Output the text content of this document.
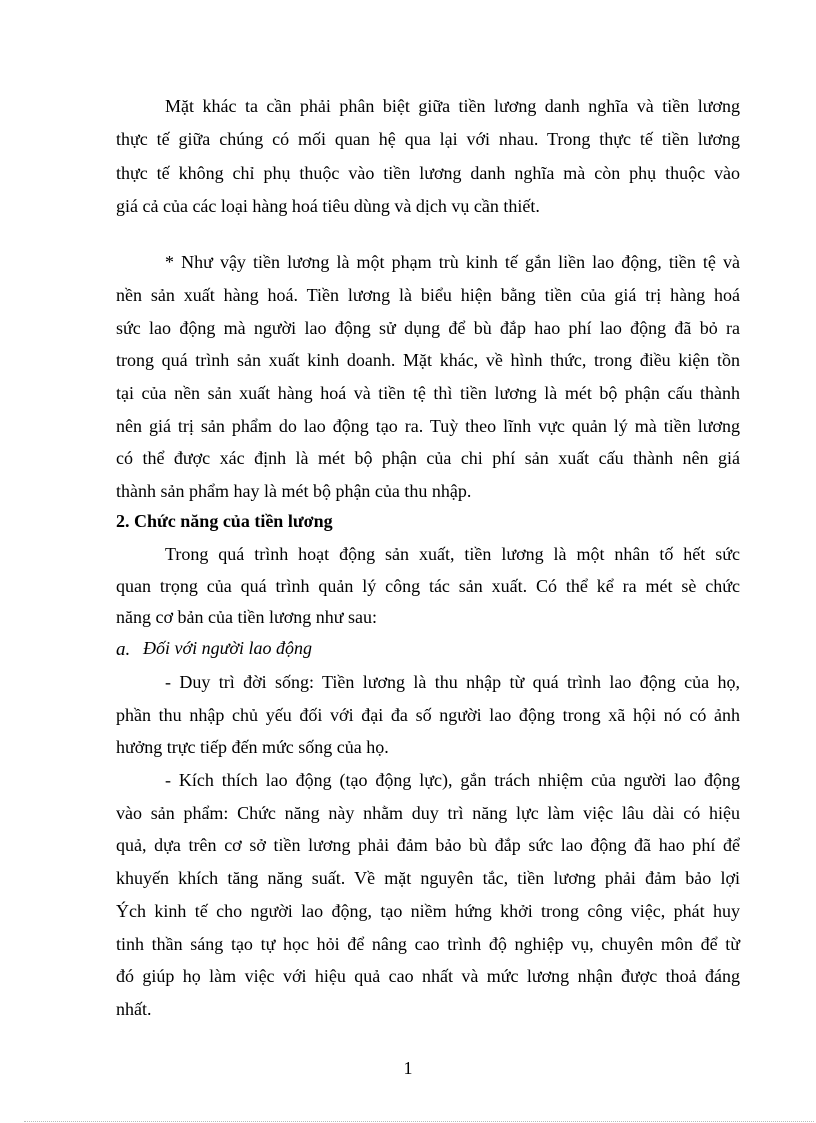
Mặt khác ta cần phải phân biệt giữa tiền lương danh nghĩa và tiền lương
thực tế giữa chúng có mối quan hệ qua lại với nhau. Trong thực tế tiền lương
thực tế không chỉ phụ thuộc vào tiền lương danh nghĩa mà còn phụ thuộc vào
giá cả của các loại hàng hoá tiêu dùng và dịch vụ cần thiết.
* Như vậy tiền lương là một phạm trù kinh tế gắn liền lao động, tiền tệ và
nền sản xuất hàng hoá. Tiền lương là biểu hiện bằng tiền của giá trị hàng hoá
sức lao động mà người lao động sử dụng để bù đắp hao phí lao động đã bỏ ra
trong quá trình sản xuất kinh doanh. Mặt khác, về hình thức, trong điều kiện tồn
tại của nền sản xuất hàng hoá và tiền tệ thì tiền lương là mét bộ phận cấu thành
nên giá trị sản phẩm do lao động tạo ra. Tuỳ theo lĩnh vực quản lý mà tiền lương
có thể được xác định là mét bộ phận của chi phí sản xuất cấu thành nên giá
thành sản phẩm hay là mét bộ phận của thu nhập.
2. Chức năng của tiền lương
Trong quá trình hoạt động sản xuất, tiền lương là một nhân tố hết sức
quan trọng của quá trình quản lý công tác sản xuất. Có thể kể ra mét sè chức
năng cơ bản của tiền lương như sau:
a. Đối với người lao động
- Duy trì đời sống: Tiền lương là thu nhập từ quá trình lao động của họ,
phần thu nhập chủ yếu đối với đại đa số người lao động trong xã hội nó có ảnh
hưởng trực tiếp đến mức sống của họ.
- Kích thích lao động (tạo động lực), gắn trách nhiệm của người lao động
vào sản phẩm: Chức năng này nhằm duy trì năng lực làm việc lâu dài có hiệu
quả, dựa trên cơ sở tiền lương phải đảm bảo bù đắp sức lao động đã hao phí để
khuyến khích tăng năng suất. Về mặt nguyên tắc, tiền lương phải đảm bảo lợi
Ých kinh tế cho người lao động, tạo niềm hứng khởi trong công việc, phát huy
tinh thần sáng tạo tự học hỏi để nâng cao trình độ nghiệp vụ, chuyên môn để từ
đó giúp họ làm việc với hiệu quả cao nhất và mức lương nhận được thoả đáng
nhất.
1
